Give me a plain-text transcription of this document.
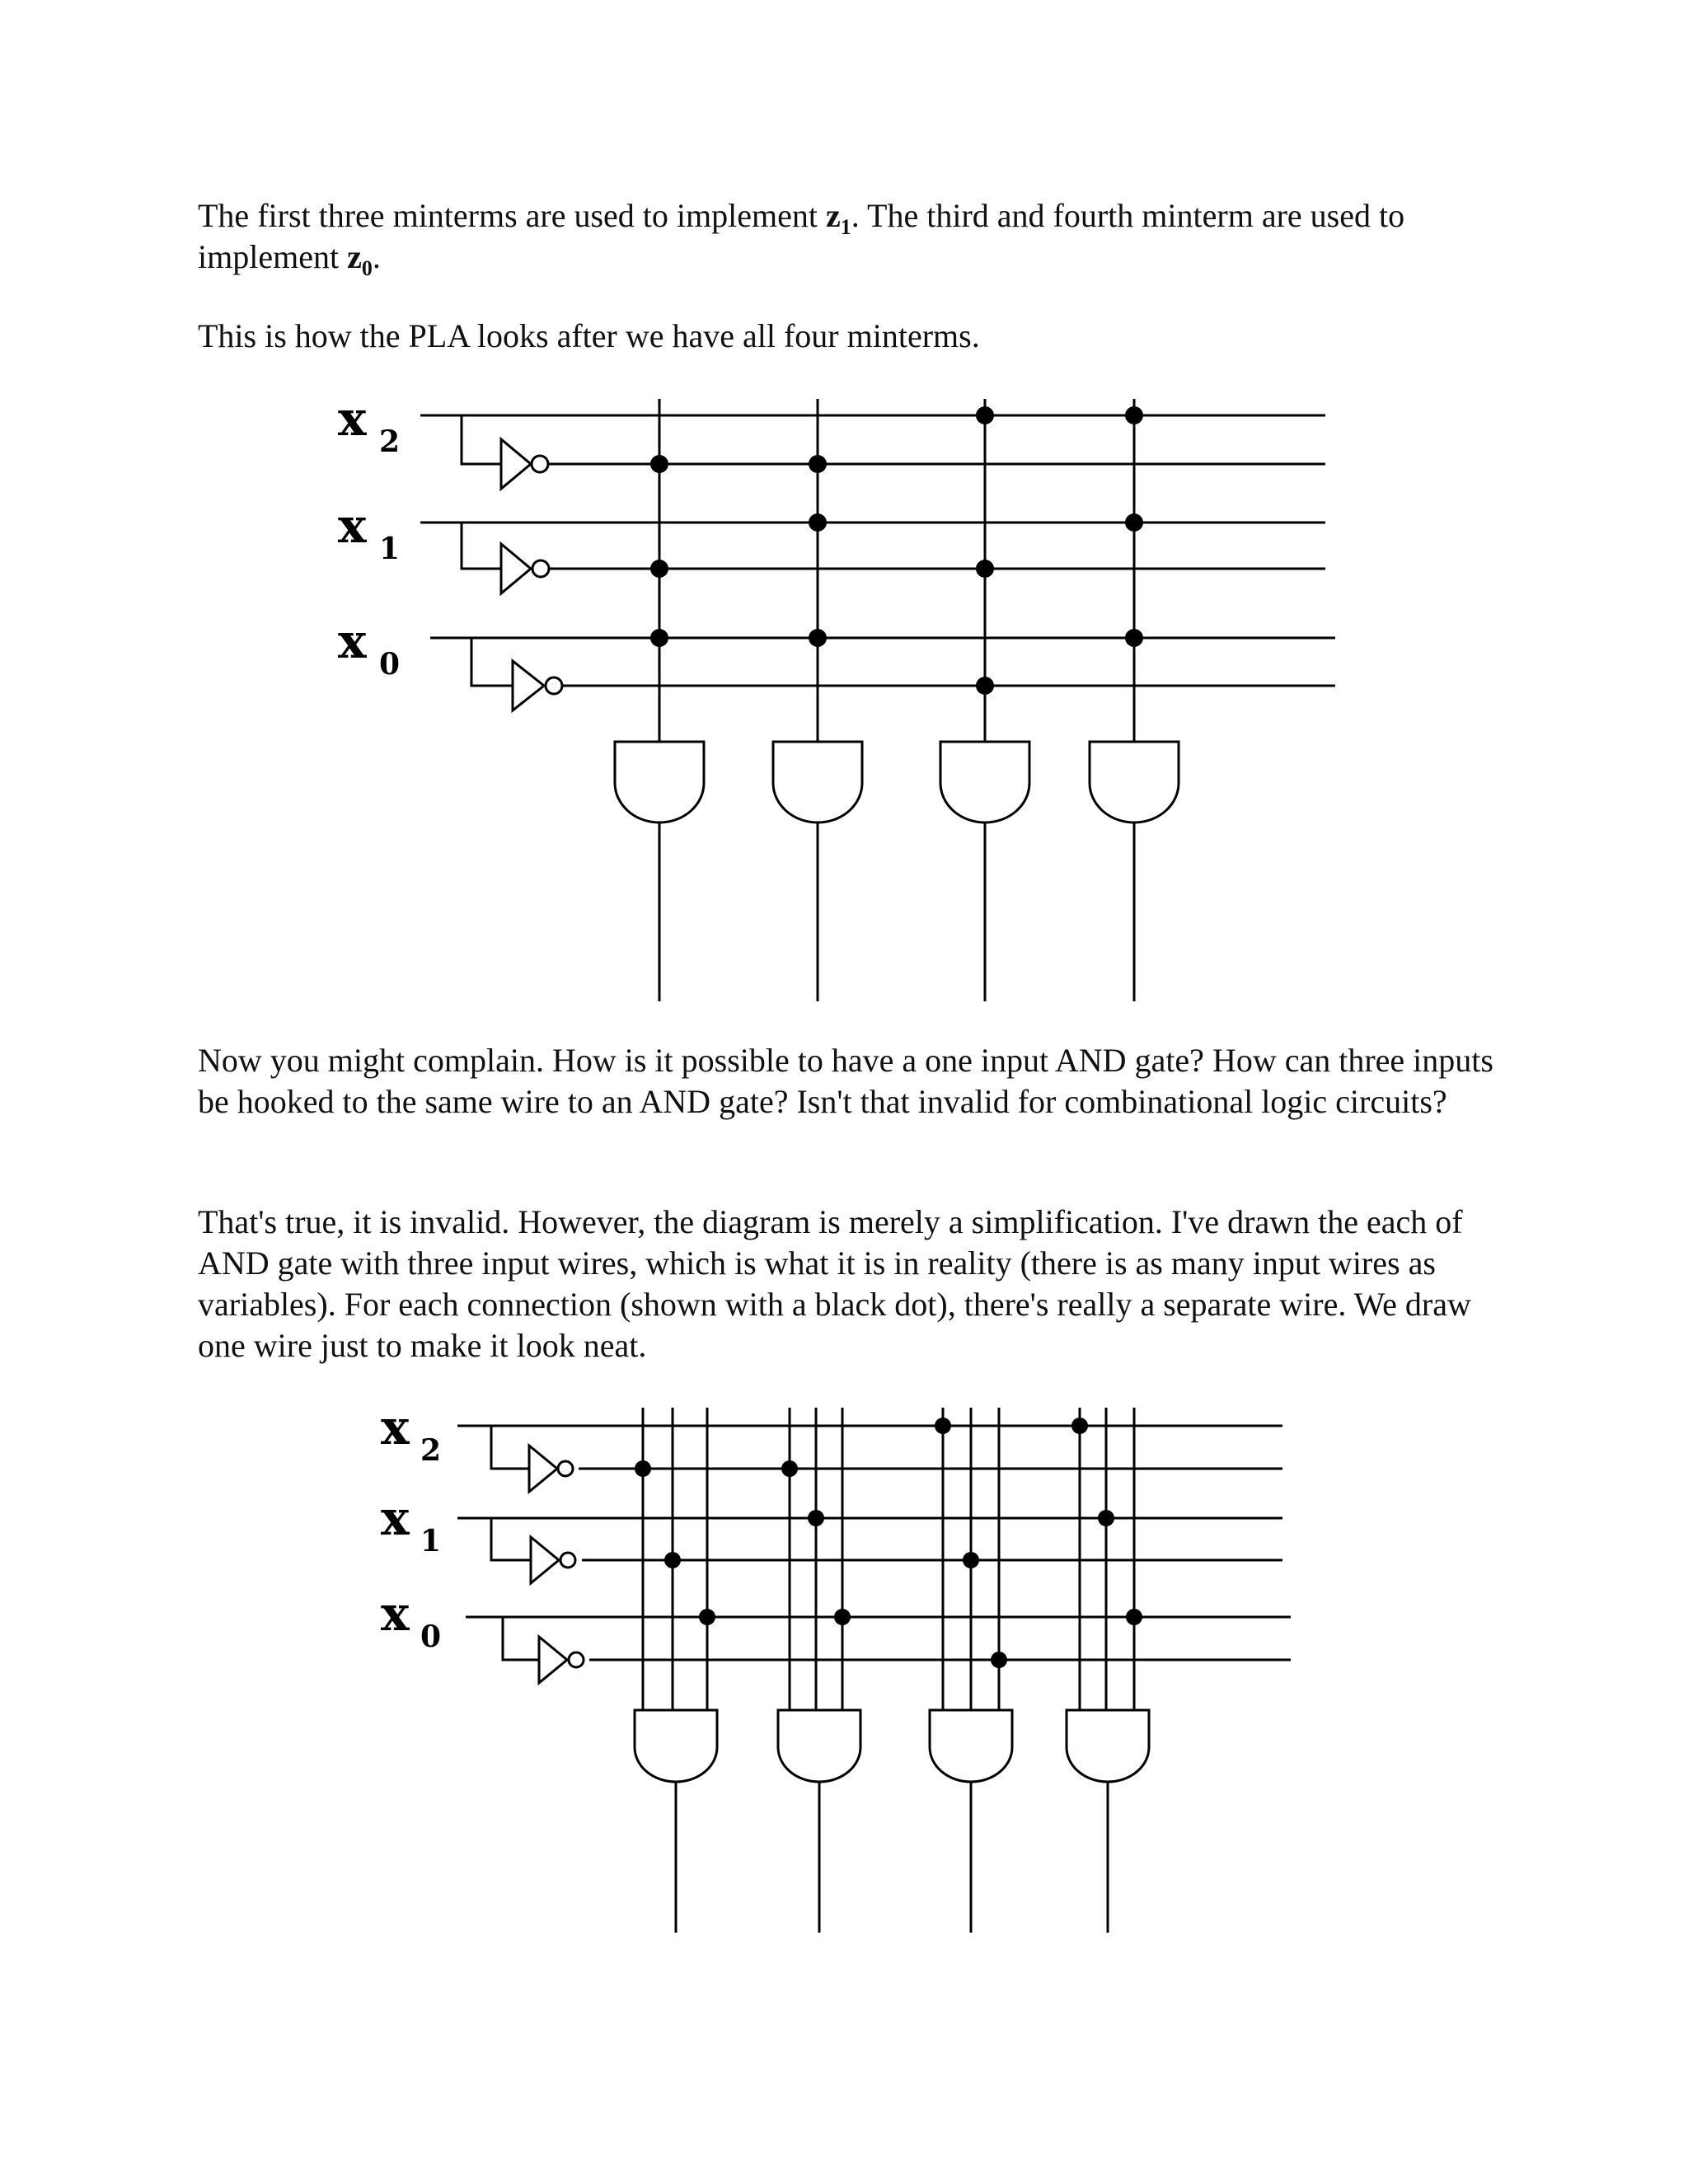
The first three minterms are used to implement $z_1$. The third and fourth minterm are used to implement $z_0$.

This is how the PLA looks after we have all four minterms.

x 2
x 1
x 0

Now you might complain. How is it possible to have a one input AND gate? How can three inputs be hooked to the same wire to an AND gate? Isn't that invalid for combinational logic circuits?

That's true, it is invalid. However, the diagram is merely a simplification. I've drawn the each of AND gate with three input wires, which is what it is in reality (there is as many input wires as variables). For each connection (shown with a black dot), there's really a separate wire. We draw one wire just to make it look neat.

x 2
x 1
x 0
